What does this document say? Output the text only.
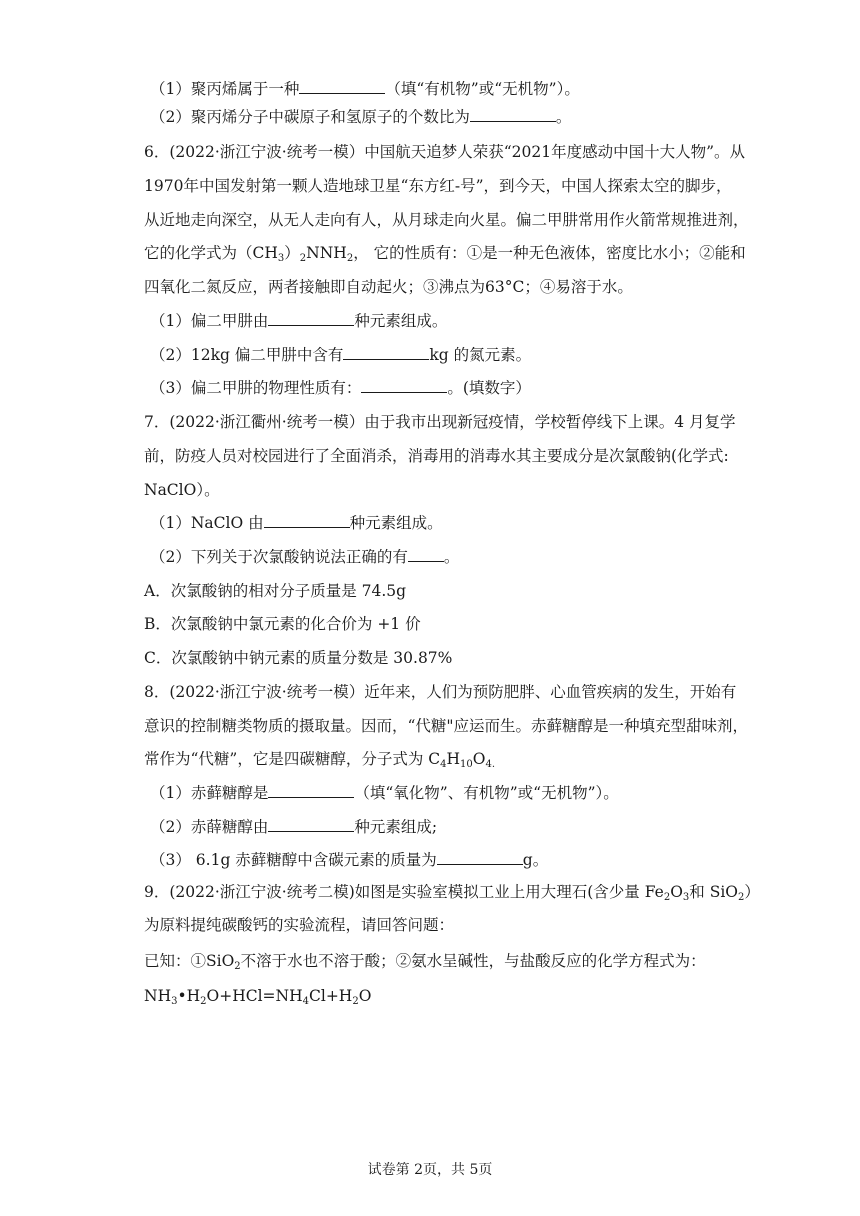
（1）聚丙烯属于一种	（填“有机物”或“无机物”）。
（2）聚丙烯分子中碳原子和氢原子的个数比为	。
6．(2022·浙江宁波·统考一模）中国航天追梦人荣获“2021年度感动中国十大人物”。从
1970年中国发射第一颗人造地球卫星“东方红-号”，到今天，中国人探索太空的脚步，
从近地走向深空，从无人走向有人，从月球走向火星。偏二甲肼常用作火箭常规推进剂，
它的化学式为$(CH_3)_2NNH_2$， 它的性质有：①是一种无色液体，密度比水小；②能和
四氧化二氮反应，两者接触即自动起火；③沸点为63°C；④易溶于水。
（1）偏二甲肼由	种元素组成。
（2）12kg 偏二甲肼中含有	kg 的氮元素。
（3）偏二甲肼的物理性质有：	。(填数字）
7．(2022·浙江衢州·统考一模）由于我市出现新冠疫情，学校暂停线下上课。4 月复学
前，防疫人员对校园进行了全面消杀，消毒用的消毒水其主要成分是次氯酸钠(化学式:
NaClO）。
（1）NaClO 由	种元素组成。
（2）下列关于次氯酸钠说法正确的有 。
A．次氯酸钠的相对分子质量是 74.5g
B．次氯酸钠中氯元素的化合价为 +1 价
C．次氯酸钠中钠元素的质量分数是 30.87%
8．(2022·浙江宁波·统考一模）近年来，人们为预防肥胖、心血管疾病的发生，开始有
意识的控制糖类物质的摄取量。因而，“代糖"应运而生。赤藓糖醇是一种填充型甜味剂，
常作为“代糖”，它是四碳糖醇，分子式为 $C_4H_{10}O_{4.}$
（1）赤藓糖醇是	（填“氧化物”、有机物”或“无机物”）。
（2）赤薛糖醇由	种元素组成;
（3） 6.1g 赤藓糖醇中含碳元素的质量为	g。
9．(2022·浙江宁波·统考二模)如图是实验室模拟工业上用大理石(含少量 $Fe_2O_3$和 SiO$_2$）
为原料提纯碳酸钙的实验流程，请回答问题：
已知：①SiO$_2$不溶于水也不溶于酸；②氨水呈碱性，与盐酸反应的化学方程式为：
$NH_3•H_2O+HCl=NH_4Cl+H_2O$
试卷第 2页，共 5页
